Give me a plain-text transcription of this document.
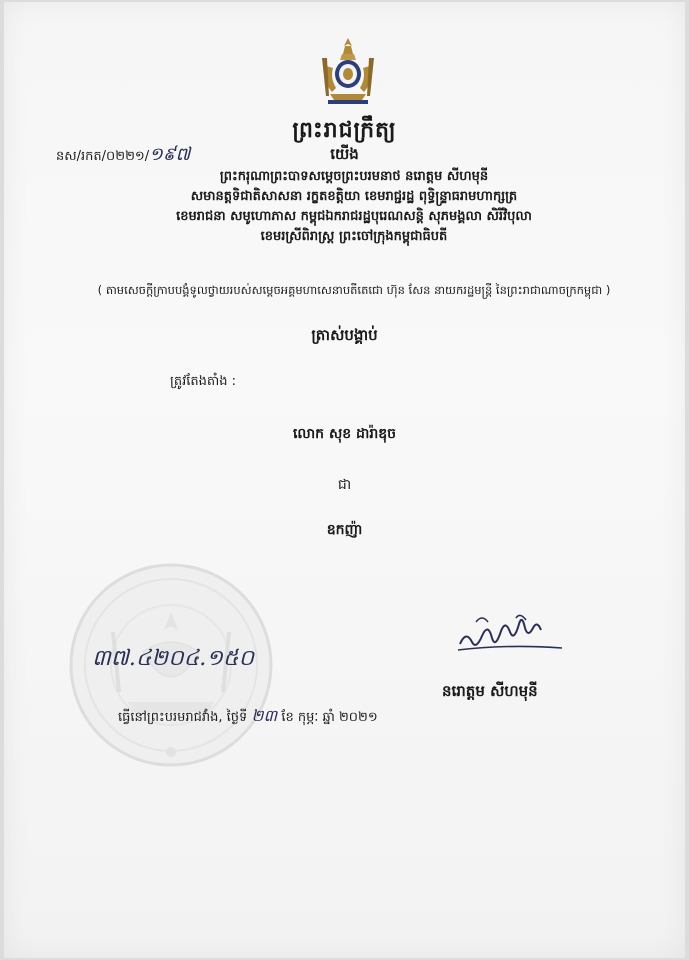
ព្រះរាជក្រឹត្យ
នស/រកត/០២២១/១៩៧	យើង
ព្រះករុណាព្រះបាទសម្តេចព្រះបរមនាថ នរោត្តម សីហមុនី
សមានត្តទិជាតិសាសនា រក្ខតខត្តិយា ខេមរាជ្ជរដ្ឋ ពុទ្ធិន្ទ្រាធរាមហាក្សត្រ
ខេមរាជនា សមូហោភាស កម្ពុជឯករាជរដ្ឋបុរេណសន្តិ សុភមង្គលា សិរីវិបុលា
ខេមរស្រីពិរាស្ត្រ ព្រះចៅក្រុងកម្ពុជាធិបតី
( តាមសេចក្តីក្រាបបង្គំទូលថ្វាយរបស់សម្តេចអគ្គមហាសេនាបតីតេជោ ហ៊ុន សែន នាយករដ្ឋមន្ត្រី នៃព្រះរាជាណាចក្រកម្ពុជា )
ត្រាស់បង្គាប់
ត្រូវតែងតាំង :
លោក សុខ ដារ៉ាឌុច
ជា
ឧកញ៉ា
៣៧.៤២០៤.១៥០
នរោត្តម សីហមុនី
ធ្វើនៅព្រះបរមរាជវាំង, ថ្ងៃទី ២៣ ខែ កុម្ភៈ ឆ្នាំ ២០២១
